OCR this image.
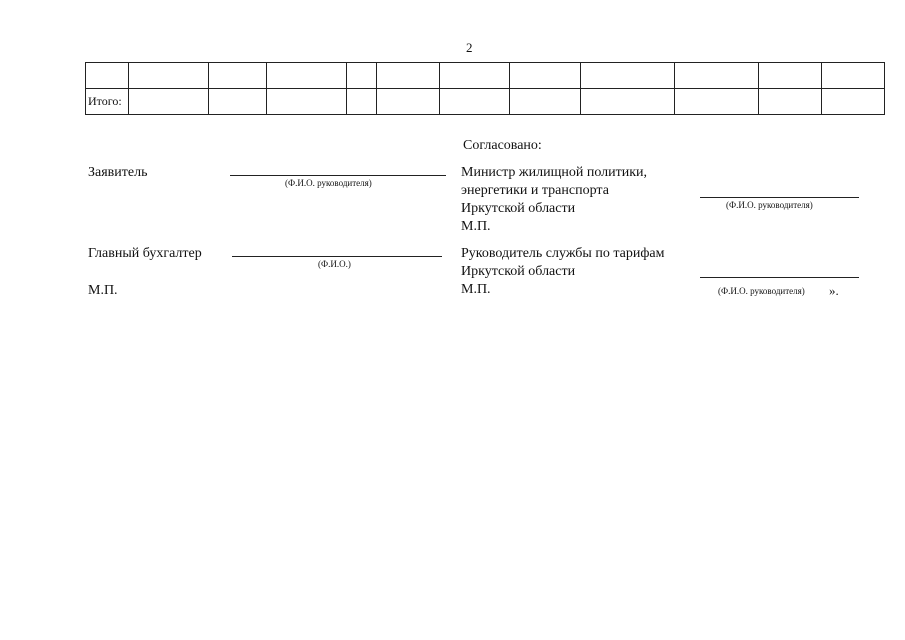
2

Итого:											
Согласовано:
Заявитель
(Ф.И.О. руководителя)
Главный бухгалтер
(Ф.И.О.)
М.П.
Министр жилищной политики,
энергетики и транспорта
Иркутской области
М.П.
(Ф.И.О. руководителя)
Руководитель службы по тарифам
Иркутской области
М.П.	(Ф.И.О. руководителя) ».
